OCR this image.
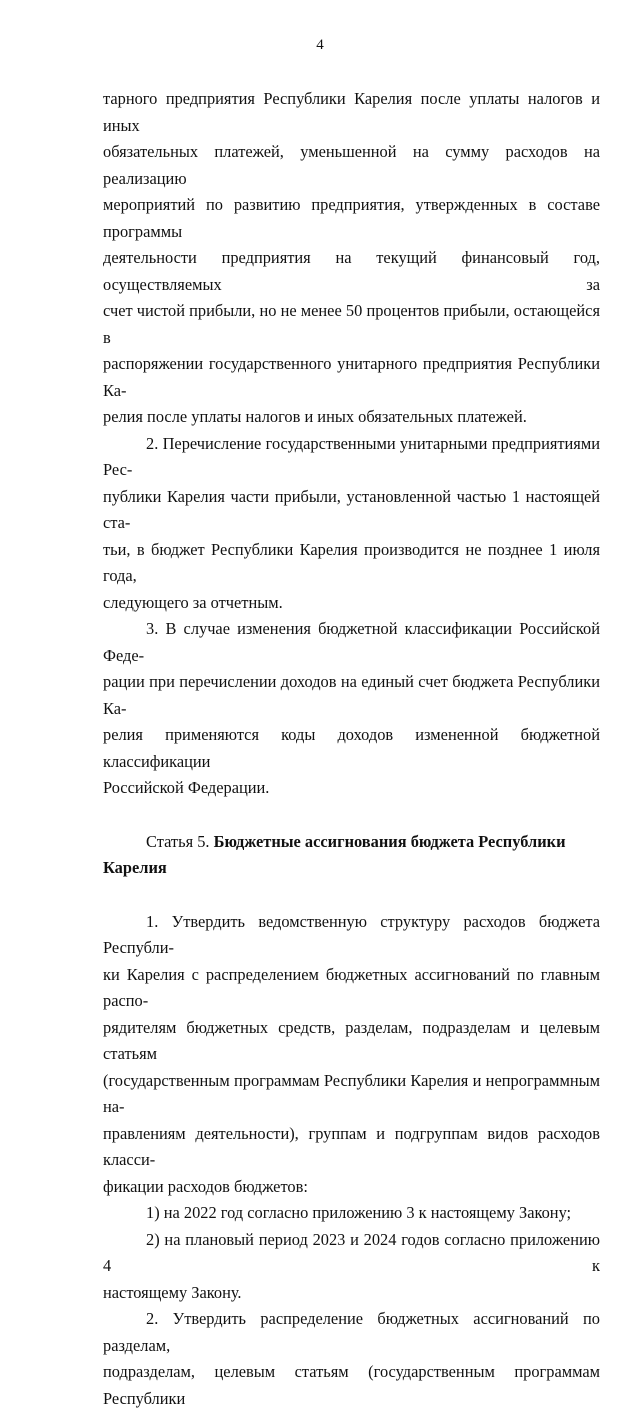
4
тарного предприятия Республики Карелия после уплаты налогов и иных
обязательных платежей, уменьшенной на сумму расходов на реализацию
мероприятий по развитию предприятия, утвержденных в составе программы
деятельности предприятия на текущий финансовый год, осуществляемых за
счет чистой прибыли, но не менее 50 процентов прибыли, остающейся в
распоряжении государственного унитарного предприятия Республики Ка-
релия после уплаты налогов и иных обязательных платежей.
2. Перечисление государственными унитарными предприятиями Рес-
публики Карелия части прибыли, установленной частью 1 настоящей ста-
тьи, в бюджет Республики Карелия производится не позднее 1 июля года,
следующего за отчетным.
3. В случае изменения бюджетной классификации Российской Феде-
рации при перечислении доходов на единый счет бюджета Республики Ка-
релия применяются коды доходов измененной бюджетной классификации
Российской Федерации.
Статья 5. Бюджетные ассигнования бюджета Республики Карелия
1. Утвердить ведомственную структуру расходов бюджета Республи-
ки Карелия с распределением бюджетных ассигнований по главным распо-
рядителям бюджетных средств, разделам, подразделам и целевым статьям
(государственным программам Республики Карелия и непрограммным на-
правлениям деятельности), группам и подгруппам видов расходов класси-
фикации расходов бюджетов:
1) на 2022 год согласно приложению 3 к настоящему Закону;
2) на плановый период 2023 и 2024 годов согласно приложению 4 к
настоящему Закону.
2. Утвердить распределение бюджетных ассигнований по разделам,
подразделам, целевым статьям (государственным программам Республики
